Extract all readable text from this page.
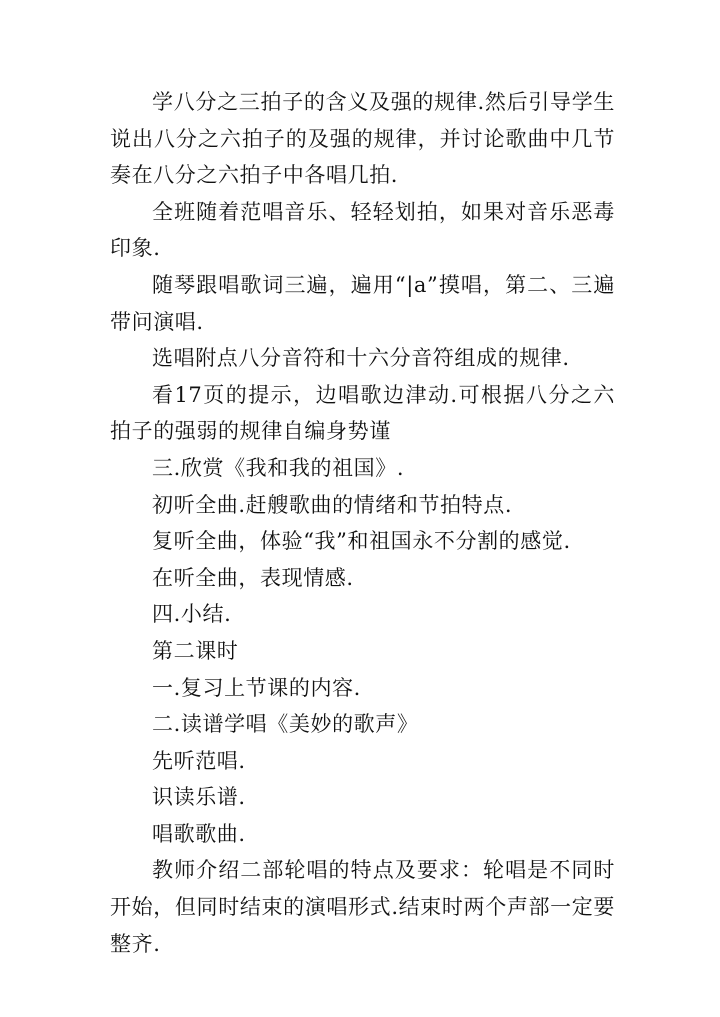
学八分之三拍子的含义及强的规律.然后引导学生说出八分之六拍子的及强的规律，并讨论歌曲中几节奏在八分之六拍子中各唱几拍.

全班随着范唱音乐、轻轻划拍，如果对音乐恶毒印象.

随琴跟唱歌词三遍，遍用“|a”摸唱，第二、三遍带问演唱.

选唱附点八分音符和十六分音符组成的规律.

看17页的提示，边唱歌边津动.可根据八分之六拍子的强弱的规律自编身势谨

三.欣赏《我和我的祖国》.

初听全曲.赶艘歌曲的情绪和节拍特点.

复听全曲，体验“我”和祖国永不分割的感觉.

在听全曲，表现情感.

四.小结.

第二课时

一.复习上节课的内容.

二.读谱学唱《美妙的歌声》

先听范唱.

识读乐谱.

唱歌歌曲.

教师介绍二部轮唱的特点及要求：轮唱是不同时开始，但同时结束的演唱形式.结束时两个声部一定要整齐.
